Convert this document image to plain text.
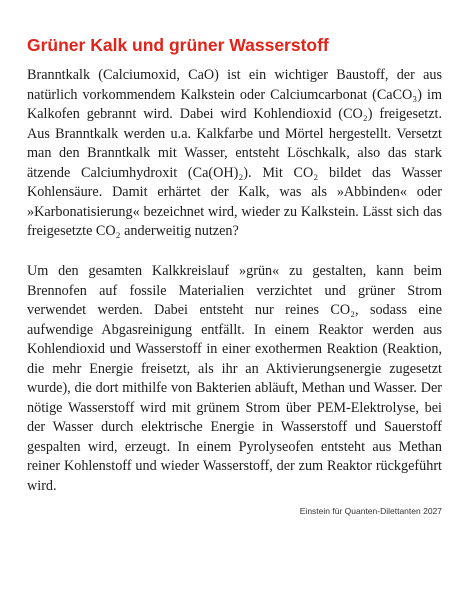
Grüner Kalk und grüner Wasserstoff

Branntkalk (Calciumoxid, CaO) ist ein wichtiger Baustoff, der aus natürlich vorkommendem Kalkstein oder Calciumcarbonat (CaCO₃) im Kalkofen gebrannt wird. Dabei wird Kohlendioxid (CO₂) freigesetzt. Aus Branntkalk werden u.a. Kalkfarbe und Mörtel hergestellt. Versetzt man den Branntkalk mit Wasser, entsteht Löschkalk, also das stark ätzende Calciumhydroxit (Ca(OH)₂). Mit CO₂ bildet das Wasser Kohlensäure. Damit erhärtet der Kalk, was als »Abbinden« oder »Karbonatisierung« bezeichnet wird, wieder zu Kalkstein. Lässt sich das freigesetzte CO₂ anderweitig nutzen?

Um den gesamten Kalkkreislauf »grün« zu gestalten, kann beim Brennofen auf fossile Materialien verzichtet und grüner Strom verwendet werden. Dabei entsteht nur reines CO₂, sodass eine aufwendige Abgasreinigung entfällt. In einem Reaktor werden aus Kohlendioxid und Wasserstoff in einer exothermen Reaktion (Reaktion, die mehr Energie freisetzt, als ihr an Aktivierungsenergie zugesetzt wurde), die dort mithilfe von Bakterien abläuft, Methan und Wasser. Der nötige Wasserstoff wird mit grünem Strom über PEM-Elektrolyse, bei der Wasser durch elektrische Energie in Wasserstoff und Sauerstoff gespalten wird, erzeugt. In einem Pyrolyseofen entsteht aus Methan reiner Kohlenstoff und wieder Wasserstoff, der zum Reaktor rückgeführt wird.

Einstein für Quanten-Dilettanten 2027
